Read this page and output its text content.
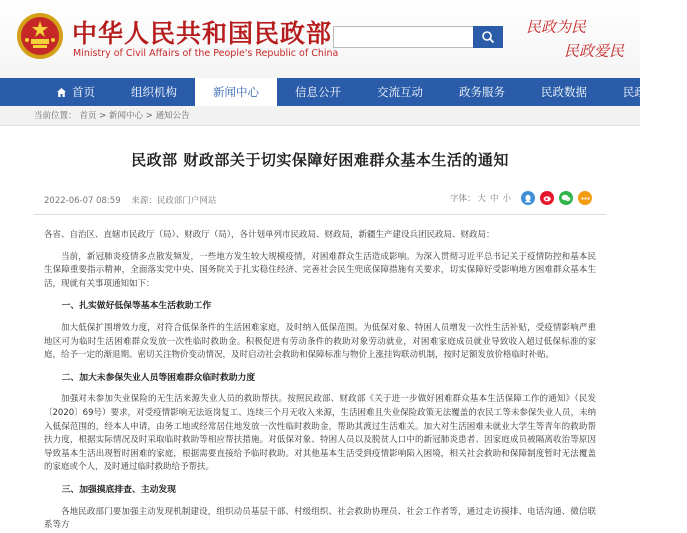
中华人民共和国民政部
Ministry of Civil Affairs of the People's Republic of China
民政为民
民政爱民
首页	组织机构	新闻中心	信息公开	交流互动	政务服务	民政数据	民政文化
当前位置： 首页 > 新闻中心 > 通知公告
民政部 财政部关于切实保障好困难群众基本生活的通知
2022-06-07 08:59 来源：民政部门户网站	字体： 大 中 小

各省、自治区、直辖市民政厅（局）、财政厅（局），各计划单列市民政局、财政局，新疆生产建设兵团民政局、财政局：

当前，新冠肺炎疫情多点散发频发，一些地方发生较大规模疫情，对困难群众生活造成影响。为深入贯彻习近平总书记关于疫情防控和基本民生保障重要指示精神，全面落实党中央、国务院关于扎实稳住经济、完善社会民生兜底保障措施有关要求，切实保障好受影响地方困难群众基本生活，现就有关事项通知如下：

一、扎实做好低保等基本生活救助工作

加大低保扩围增效力度，对符合低保条件的生活困难家庭，及时纳入低保范围。为低保对象、特困人员增发一次性生活补贴，受疫情影响严重地区可为临时生活困难群众发放一次性临时救助金。积极促进有劳动条件的救助对象劳动就业，对困难家庭成员就业导致收入超过低保标准的家庭，给予一定的渐退期。密切关注物价变动情况，及时启动社会救助和保障标准与物价上涨挂钩联动机制，按时足额发放价格临时补贴。

二、加大未参保失业人员等困难群众临时救助力度

加强对未参加失业保险的无生活来源失业人员的救助帮扶。按照民政部、财政部《关于进一步做好困难群众基本生活保障工作的通知》（民发〔2020〕69号）要求，对受疫情影响无法返岗复工、连续三个月无收入来源，生活困难且失业保险政策无法覆盖的农民工等未参保失业人员，未纳入低保范围的，经本人申请，由务工地或经常居住地发放一次性临时救助金，帮助其渡过生活难关。加大对生活困难未就业大学生等青年的救助帮扶力度，根据实际情况及时采取临时救助等相应帮扶措施。对低保对象、特困人员以及脱贫人口中的新冠肺炎患者、因家庭成员被隔离收治等原因导致基本生活出现暂时困难的家庭，根据需要直接给予临时救助。对其他基本生活受到疫情影响陷入困境，相关社会救助和保障制度暂时无法覆盖的家庭或个人，及时通过临时救助给予帮扶。

三、加强摸底排查、主动发现

各地民政部门要加强主动发现机制建设，组织动员基层干部、村级组织、社会救助协理员、社会工作者等，通过走访摸排、电话沟通、微信联系等方
